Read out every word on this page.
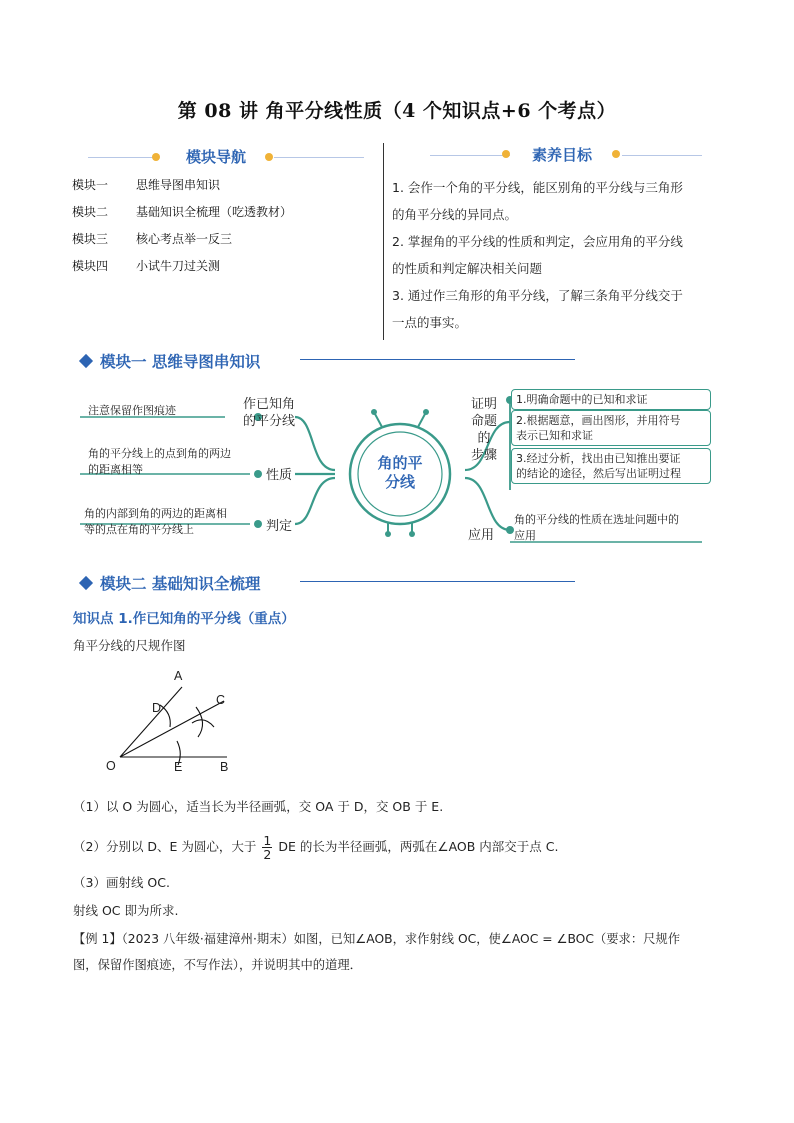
第 08 讲 角平分线性质（4 个知识点+6 个考点）
模块导航
模块一 思维导图串知识
模块二 基础知识全梳理（吃透教材）
模块三 核心考点举一反三
模块四 小试牛刀过关测
素养目标
1. 会作一个角的平分线，能区别角的平分线与三角形
的角平分线的异同点。
2. 掌握角的平分线的性质和判定，会应用角的平分线
的性质和判定解决相关问题
3. 通过作三角形的角平分线，了解三条角平分线交于
一点的事实。
模块一 思维导图串知识
角的平
分线
作已知角
的平分线
注意保留作图痕迹
性质
角的平分线上的点到角的两边
的距离相等
判定
角的内部到角的两边的距离相
等的点在角的平分线上
证明
命题
的
步骤
1.明确命题中的已知和求证
2.根据题意，画出图形，并用符号
表示已知和求证
3.经过分析，找出由已知推出要证
的结论的途径，然后写出证明过程
应用
角的平分线的性质在选址问题中的
应用
模块二 基础知识全梳理
知识点 1.作已知角的平分线（重点）
角平分线的尺规作图
A
C
D
O	E	B
（1）以 O 为圆心，适当长为半径画弧，交 OA 于 D，交 OB 于 E.
（2）分别以 D、E 为圆心，大于 $\frac{1}{2}$ DE 的长为半径画弧，两弧在∠AOB 内部交于点 C.
（3）画射线 OC.
射线 OC 即为所求.
【例 1】（2023 八年级·福建漳州·期末）如图，已知∠AOB，求作射线 OC，使∠AOC = ∠BOC（要求：尺规作
图，保留作图痕迹，不写作法），并说明其中的道理．
